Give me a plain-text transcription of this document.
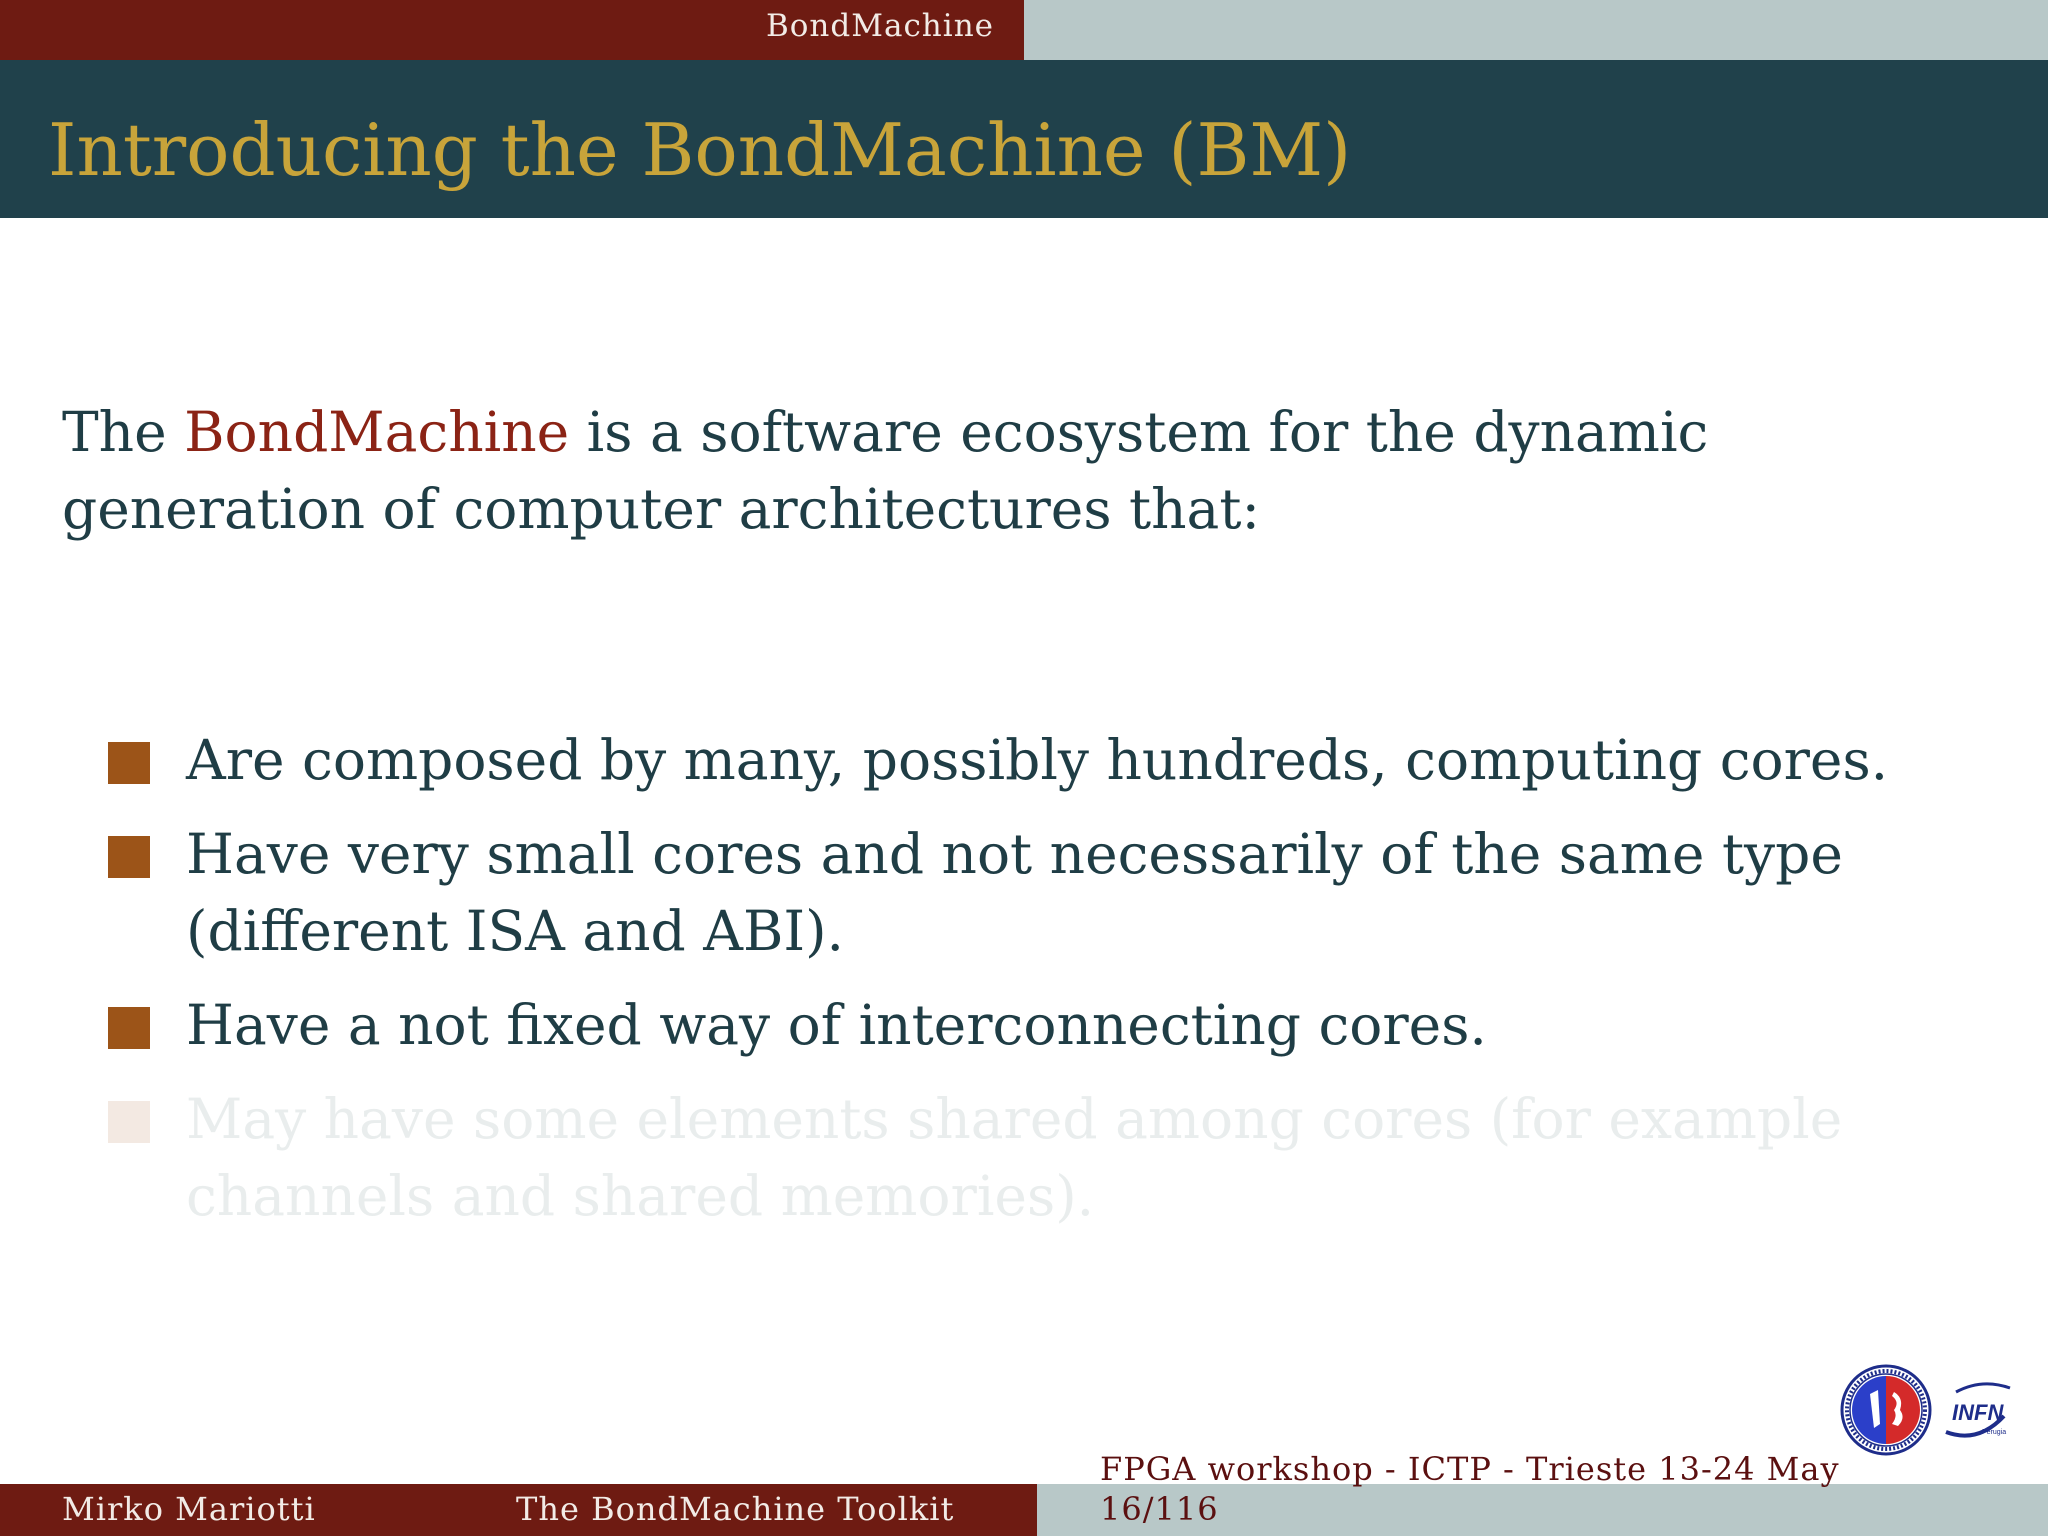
BondMachine
Introducing the BondMachine (BM)
The BondMachine is a software ecosystem for the dynamic generation of computer architectures that:
Are composed by many, possibly hundreds, computing cores.
Have very small cores and not necessarily of the same type (different ISA and ABI).
Have a not fixed way of interconnecting cores.
May have some elements shared among cores (for example channels and shared memories).
INFN
Perugia
Mirko Mariotti	The BondMachine Toolkit
FPGA workshop - ICTP - Trieste 13-24 May
16/116
